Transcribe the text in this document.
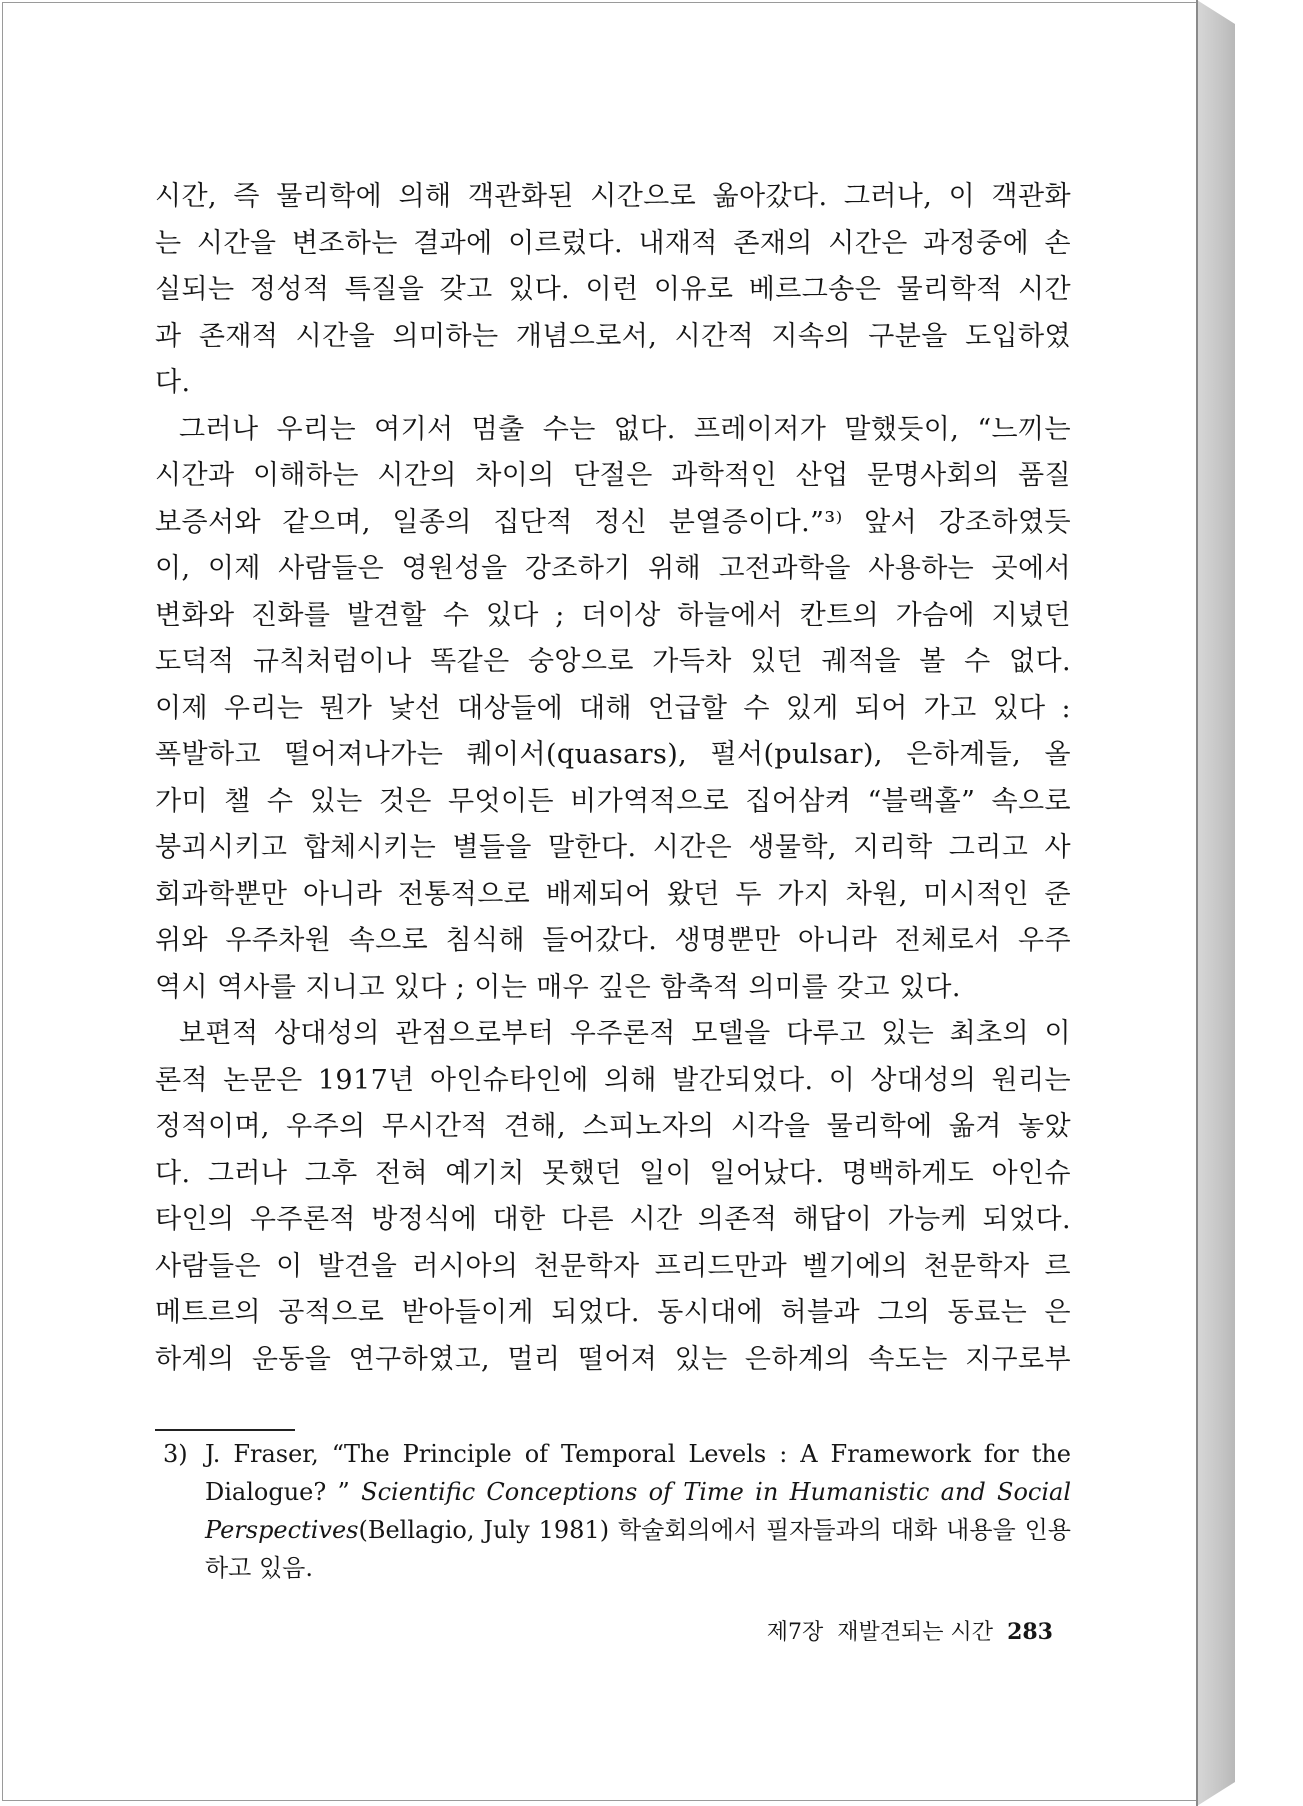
시간, 즉 물리학에 의해 객관화된 시간으로 옮아갔다. 그러나, 이 객관화
는 시간을 변조하는 결과에 이르렀다. 내재적 존재의 시간은 과정중에 손
실되는 정성적 특질을 갖고 있다. 이런 이유로 베르그송은 물리학적 시간
과 존재적 시간을 의미하는 개념으로서, 시간적 지속의 구분을 도입하였
다.
그러나 우리는 여기서 멈출 수는 없다. 프레이저가 말했듯이, “느끼는
시간과 이해하는 시간의 차이의 단절은 과학적인 산업 문명사회의 품질
보증서와 같으며, 일종의 집단적 정신 분열증이다.”³⁾ 앞서 강조하였듯
이, 이제 사람들은 영원성을 강조하기 위해 고전과학을 사용하는 곳에서
변화와 진화를 발견할 수 있다 ; 더이상 하늘에서 칸트의 가슴에 지녔던
도덕적 규칙처럼이나 똑같은 숭앙으로 가득차 있던 궤적을 볼 수 없다.
이제 우리는 뭔가 낯선 대상들에 대해 언급할 수 있게 되어 가고 있다 :
폭발하고 떨어져나가는 퀘이서(quasars), 펄서(pulsar), 은하계들, 올
가미 챌 수 있는 것은 무엇이든 비가역적으로 집어삼켜 “블랙홀” 속으로
붕괴시키고 합체시키는 별들을 말한다. 시간은 생물학, 지리학 그리고 사
회과학뿐만 아니라 전통적으로 배제되어 왔던 두 가지 차원, 미시적인 준
위와 우주차원 속으로 침식해 들어갔다. 생명뿐만 아니라 전체로서 우주
역시 역사를 지니고 있다 ; 이는 매우 깊은 함축적 의미를 갖고 있다.
보편적 상대성의 관점으로부터 우주론적 모델을 다루고 있는 최초의 이
론적 논문은 1917년 아인슈타인에 의해 발간되었다. 이 상대성의 원리는
정적이며, 우주의 무시간적 견해, 스피노자의 시각을 물리학에 옮겨 놓았
다. 그러나 그후 전혀 예기치 못했던 일이 일어났다. 명백하게도 아인슈
타인의 우주론적 방정식에 대한 다른 시간 의존적 해답이 가능케 되었다.
사람들은 이 발견을 러시아의 천문학자 프리드만과 벨기에의 천문학자 르
메트르의 공적으로 받아들이게 되었다. 동시대에 허블과 그의 동료는 은
하계의 운동을 연구하였고, 멀리 떨어져 있는 은하계의 속도는 지구로부
3) J. Fraser, “The Principle of Temporal Levels : A Framework for the
Dialogue? ” Scientific Conceptions of Time in Humanistic and Social
Perspectives(Bellagio, July 1981) 학술회의에서 필자들과의 대화 내용을 인용
하고 있음.
제7장 재발견되는 시간 283
